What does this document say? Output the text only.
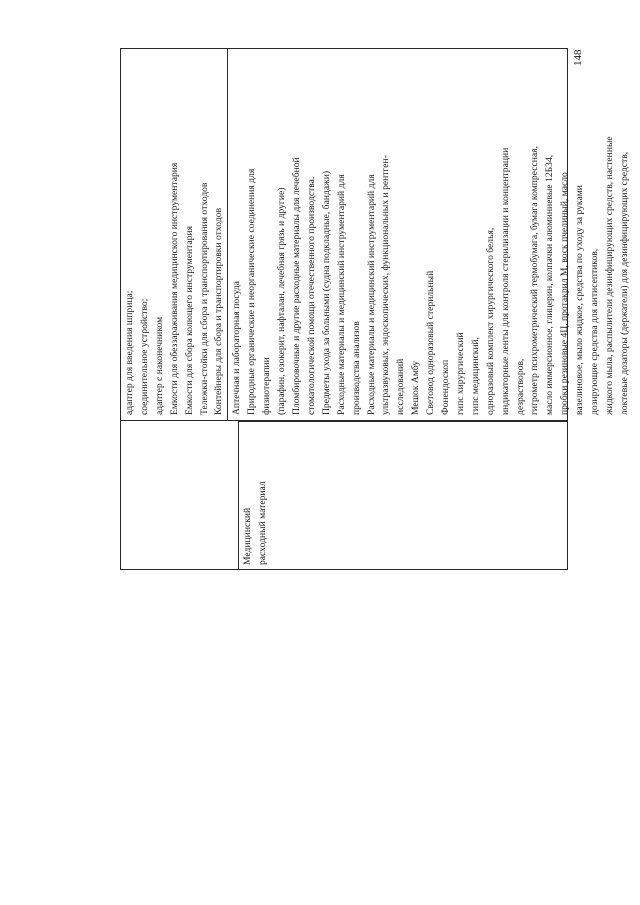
148
Медицинский расходный материал
адаптер для введения шприца; соединительное устройство; адаптер с наконечником Емкости для обеззараживания медицинского инструментария Емкости для сбора колющего инструментария Тележки-стойки для сбора и транспортирования отходов Контейнеры для сбора и транспортировки отходов Аптечная и лабораторная посуда Природные органические и неорганические соединения для физиотерапии (парафин, озокерит, нафталан, лечебная грязь и другие) Пломбировочные и другие расходные материалы для лечебной стоматологической помощи отечественного производства. Предметы ухода за больными (судна подкладные, бандажи) Расходные материалы и медицинский инструментарий для производства анализов Расходные материалы и медицинский инструментарий для ультразвуковых, эндоскопических, функциональных и рентген- исследований Мешок Амбу Световод одноразовый стерильный Фонендоскоп гипс хирургический гипс медицинский, одноразовый комплект хирургического белья, индикаторные ленты для контроля стерилизации и концентрации дезрастворов, гигрометр психрометрический термобумага, бумага компрессная, масло иммерсионное, глицерин, колпачки алюминиевые 12Б34, пробки резиновые 4Ц, протакрил М, воск пчелиный, масло вазелиновое, мыло жидкое, средства по уходу за руками дозирующие средства для антисептиков, жидкого мыла, распылители дезинфицирующих средств, настенные локтевые дозаторы (держатели) для дезинфицирующих средств,
